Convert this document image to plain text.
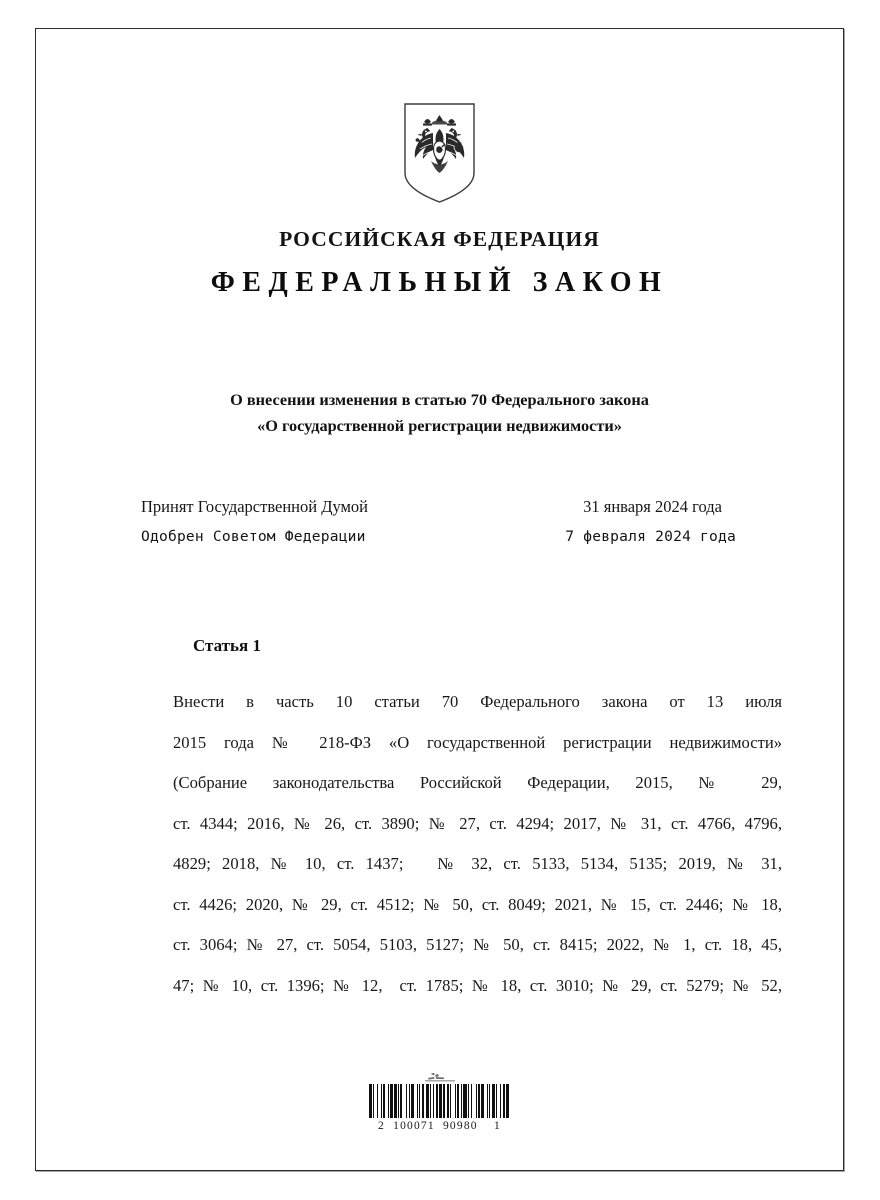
РОССИЙСКАЯ ФЕДЕРАЦИЯ
ФЕДЕРАЛЬНЫЙ ЗАКОН
О внесении изменения в статью 70 Федерального закона
«О государственной регистрации недвижимости»
Принят Государственной Думой	31 января 2024 года
Одобрен Советом Федерации	7 февраля 2024 года
Статья 1

Внести в часть 10 статьи 70 Федерального закона от 13 июля

2015 года № 218-ФЗ «О государственной регистрации недвижимости»

(Собрание законодательства Российской Федерации, 2015, № 29,

ст. 4344; 2016, № 26, ст. 3890; № 27, ст. 4294; 2017, № 31, ст. 4766, 4796,

4829; 2018, № 10, ст. 1437;   № 32, ст. 5133, 5134, 5135; 2019, № 31,

ст. 4426; 2020, № 29, ст. 4512; № 50, ст. 8049; 2021, № 15, ст. 2446; № 18,

ст. 3064; № 27, ст. 5054, 5103, 5127; № 50, ст. 8415; 2022, № 1, ст. 18, 45,

47; № 10, ст. 1396; № 12,  ст. 1785; № 18, ст. 3010; № 29, ст. 5279; № 52,

2  100071  90980    1
